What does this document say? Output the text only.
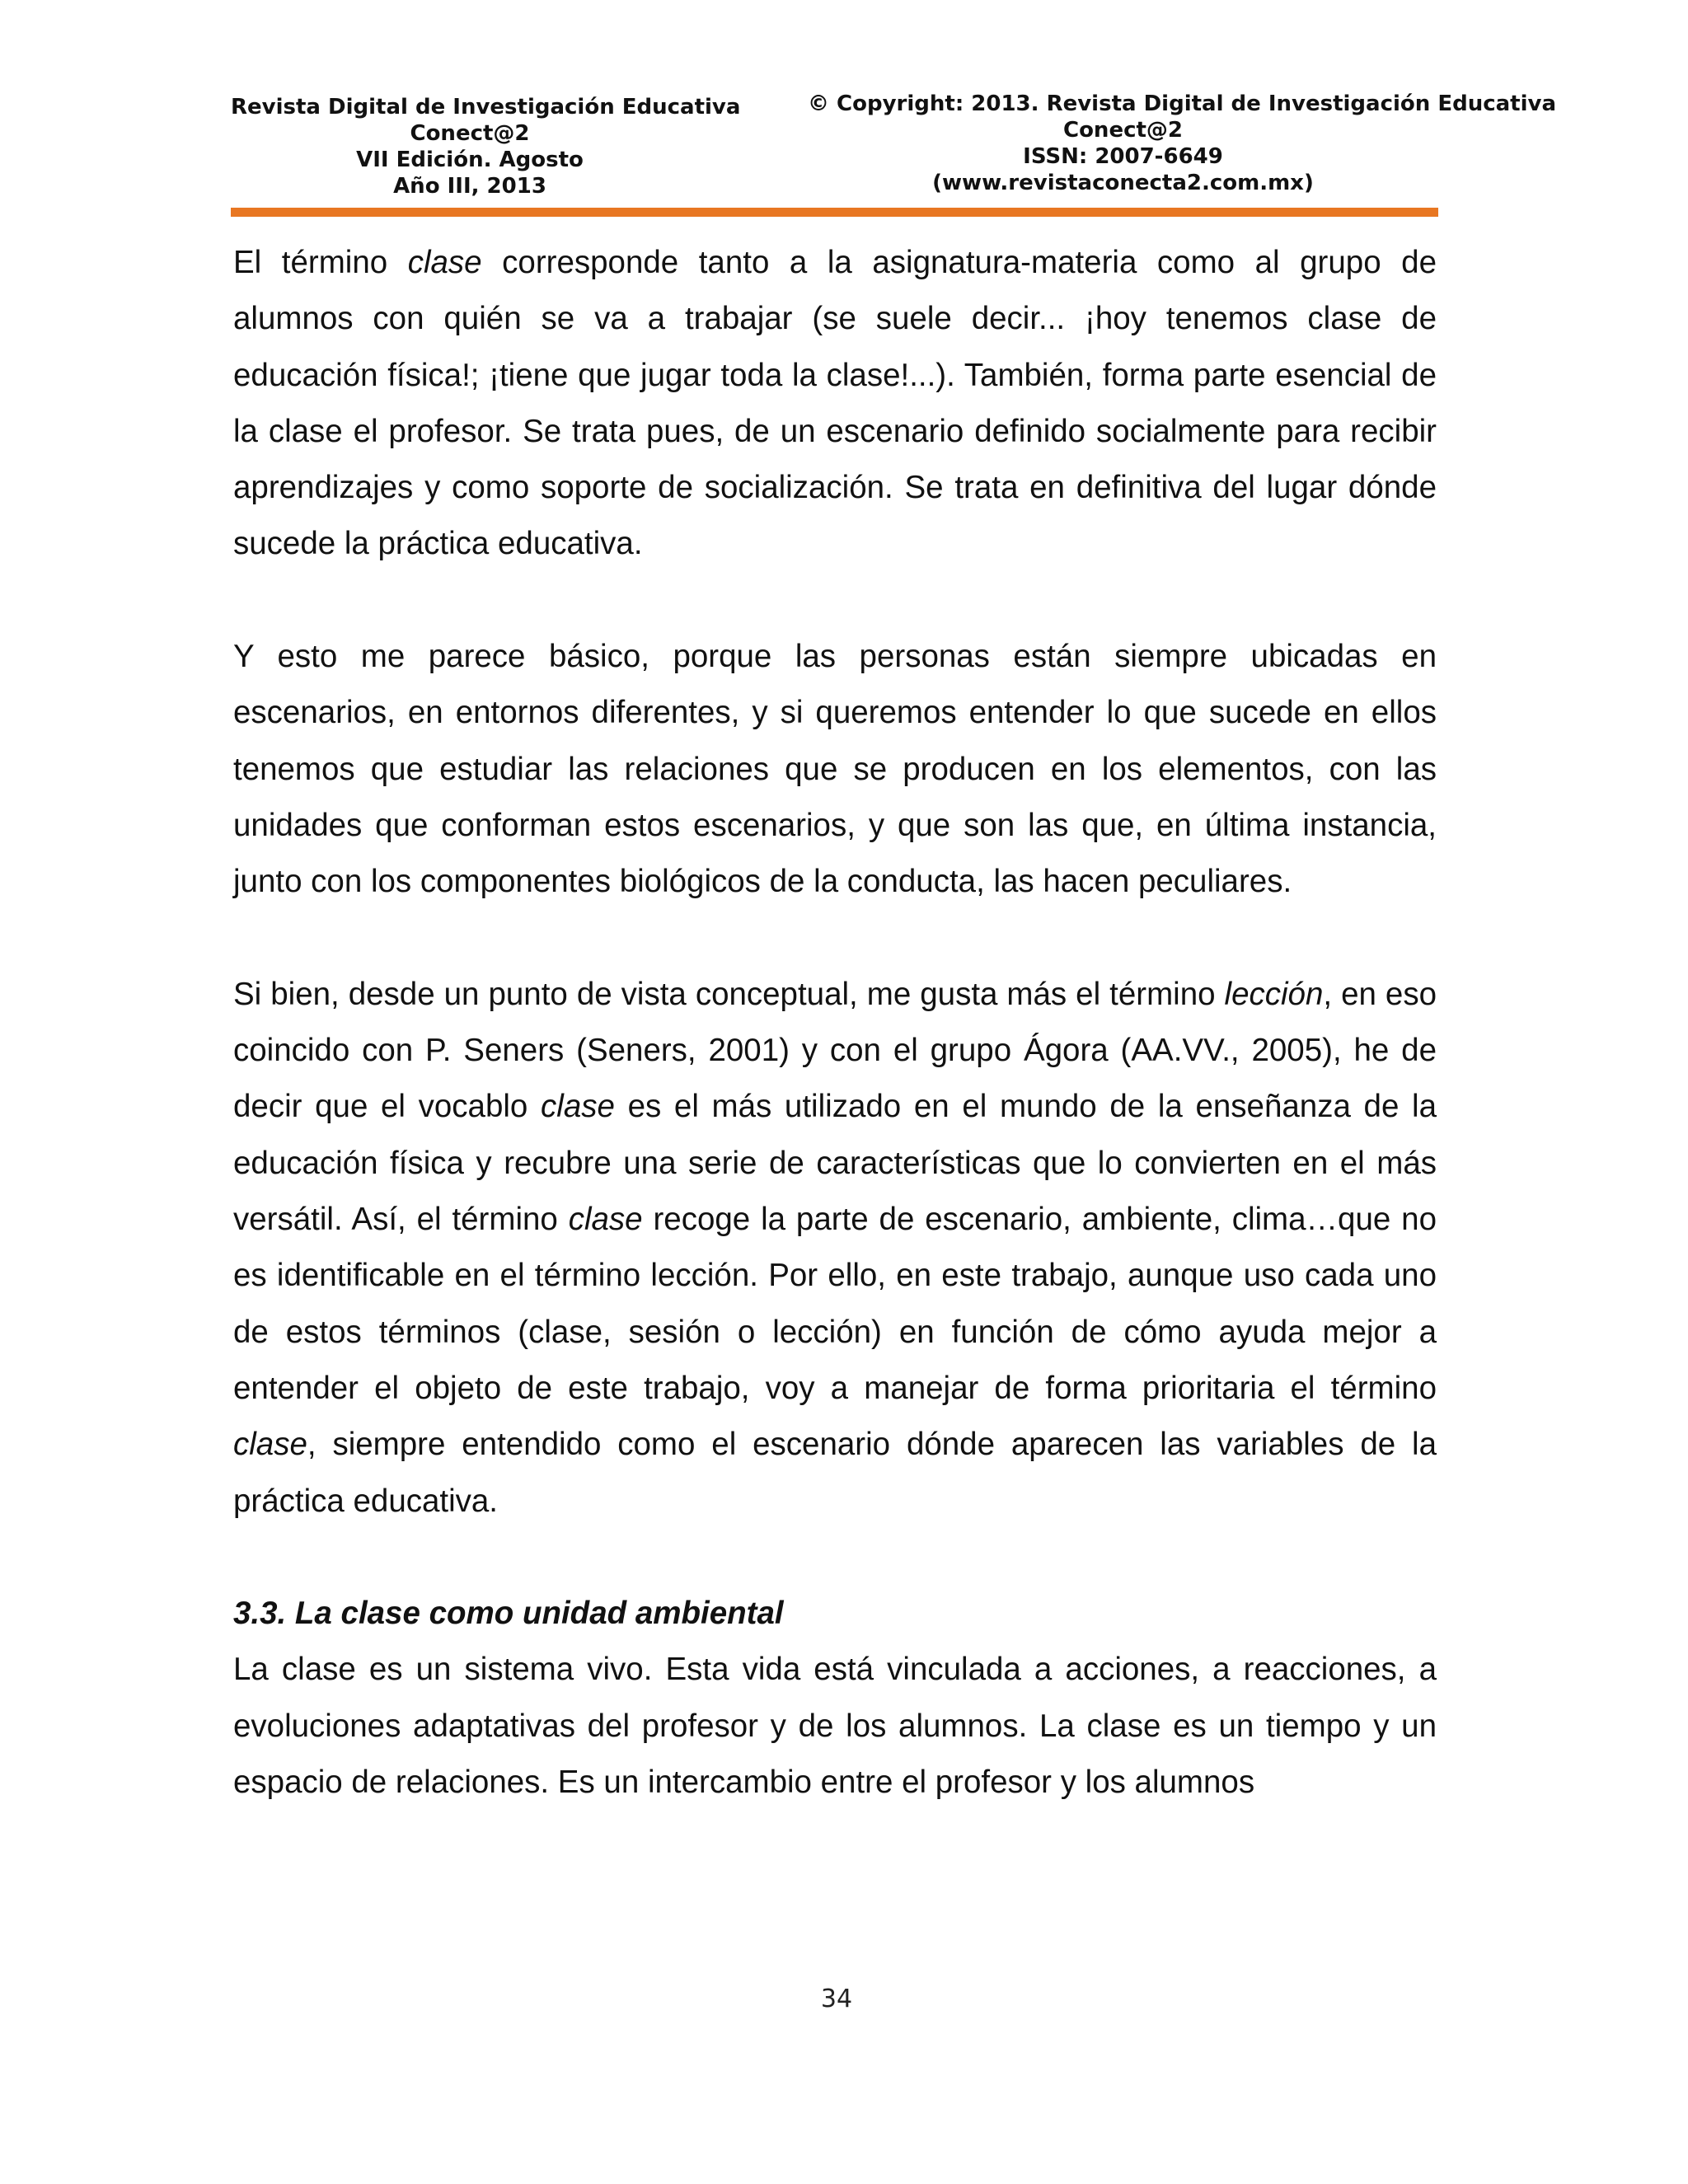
Revista Digital de Investigación Educativa
Conect@2
VII Edición. Agosto
Año III, 2013
© Copyright: 2013. Revista Digital de Investigación Educativa
Conect@2
ISSN: 2007-6649
(www.revistaconecta2.com.mx)

El término clase corresponde tanto a la asignatura-materia como al grupo de alumnos con quién se va a trabajar (se suele decir... ¡hoy tenemos clase de educación física!; ¡tiene que jugar toda la clase!...). También, forma parte esencial de la clase el profesor. Se trata pues, de un escenario definido socialmente para recibir aprendizajes y como soporte de socialización. Se trata en definitiva del lugar dónde sucede la práctica educativa.

Y esto me parece básico, porque las personas están siempre ubicadas en escenarios, en entornos diferentes, y si queremos entender lo que sucede en ellos tenemos que estudiar las relaciones que se producen en los elementos, con las unidades que conforman estos escenarios, y que son las que, en última instancia, junto con los componentes biológicos de la conducta, las hacen peculiares.

Si bien, desde un punto de vista conceptual, me gusta más el término lección, en eso coincido con P. Seners (Seners, 2001) y con el grupo Ágora (AA.VV., 2005), he de decir que el vocablo clase es el más utilizado en el mundo de la enseñanza de la educación física y recubre una serie de características que lo convierten en el más versátil. Así, el término clase recoge la parte de escenario, ambiente, clima…que no es identificable en el término lección. Por ello, en este trabajo, aunque uso cada uno de estos términos (clase, sesión o lección) en función de cómo ayuda mejor a entender el objeto de este trabajo, voy a manejar de forma prioritaria el término clase, siempre entendido como el escenario dónde aparecen las variables de la práctica educativa.

3.3. La clase como unidad ambiental

La clase es un sistema vivo. Esta vida está vinculada a acciones, a reacciones, a evoluciones adaptativas del profesor y de los alumnos. La clase es un tiempo y un espacio de relaciones. Es un intercambio entre el profesor y los alumnos

34
